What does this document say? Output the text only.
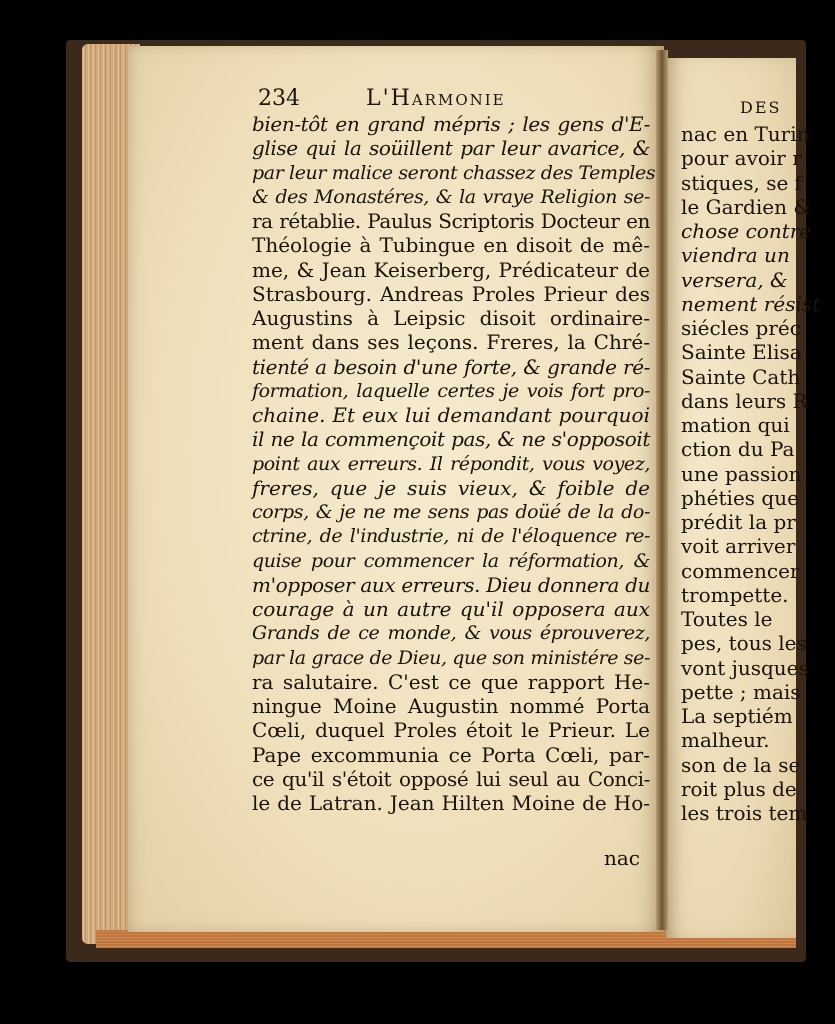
234	L'Harmonie
bien-tôt en grand mépris ; les gens d'E-
glise qui la soüillent par leur avarice, &
par leur malice seront chassez des Temples
& des Monastéres, & la vraye Religion se-
ra rétablie. Paulus Scriptoris Docteur en
Théologie à Tubingue en disoit de mê-
me, & Jean Keiserberg, Prédicateur de
Strasbourg. Andreas Proles Prieur des
Augustins à Leipsic disoit ordinaire-
ment dans ses leçons. Freres, la Chré-
tienté a besoin d'une forte, & grande ré-
formation, laquelle certes je vois fort pro-
chaine. Et eux lui demandant pourquoi
il ne la commençoit pas, & ne s'opposoit
point aux erreurs. Il répondit, vous voyez,
freres, que je suis vieux, & foible de
corps, & je ne me sens pas doüé de la do-
ctrine, de l'industrie, ni de l'éloquence re-
quise pour commencer la réformation, &
m'opposer aux erreurs. Dieu donnera du
courage à un autre qu'il opposera aux
Grands de ce monde, & vous éprouverez,
par la grace de Dieu, que son ministére se-
ra salutaire. C'est ce que rapport He-
ningue Moine Augustin nommé Porta
Cœli, duquel Proles étoit le Prieur. Le
Pape excommunia ce Porta Cœli, par-
ce qu'il s'étoit opposé lui seul au Conci-
le de Latran. Jean Hilten Moine de Ho-
nac
DES
nac en Turin
pour avoir r
stiques, se f
le Gardien &
chose contre
viendra un
versera, &
nement résist
siécles préc
Sainte Elisa
Sainte Cath
dans leurs R
mation qui
ction du Pa
une passion
phéties que
prédit la pr
voit arriver
commencer
trompette.
Toutes le
pes, tous les
vont jusques
pette ; mais
La septiém
malheur.
son de la se
roit plus de
les trois tem
